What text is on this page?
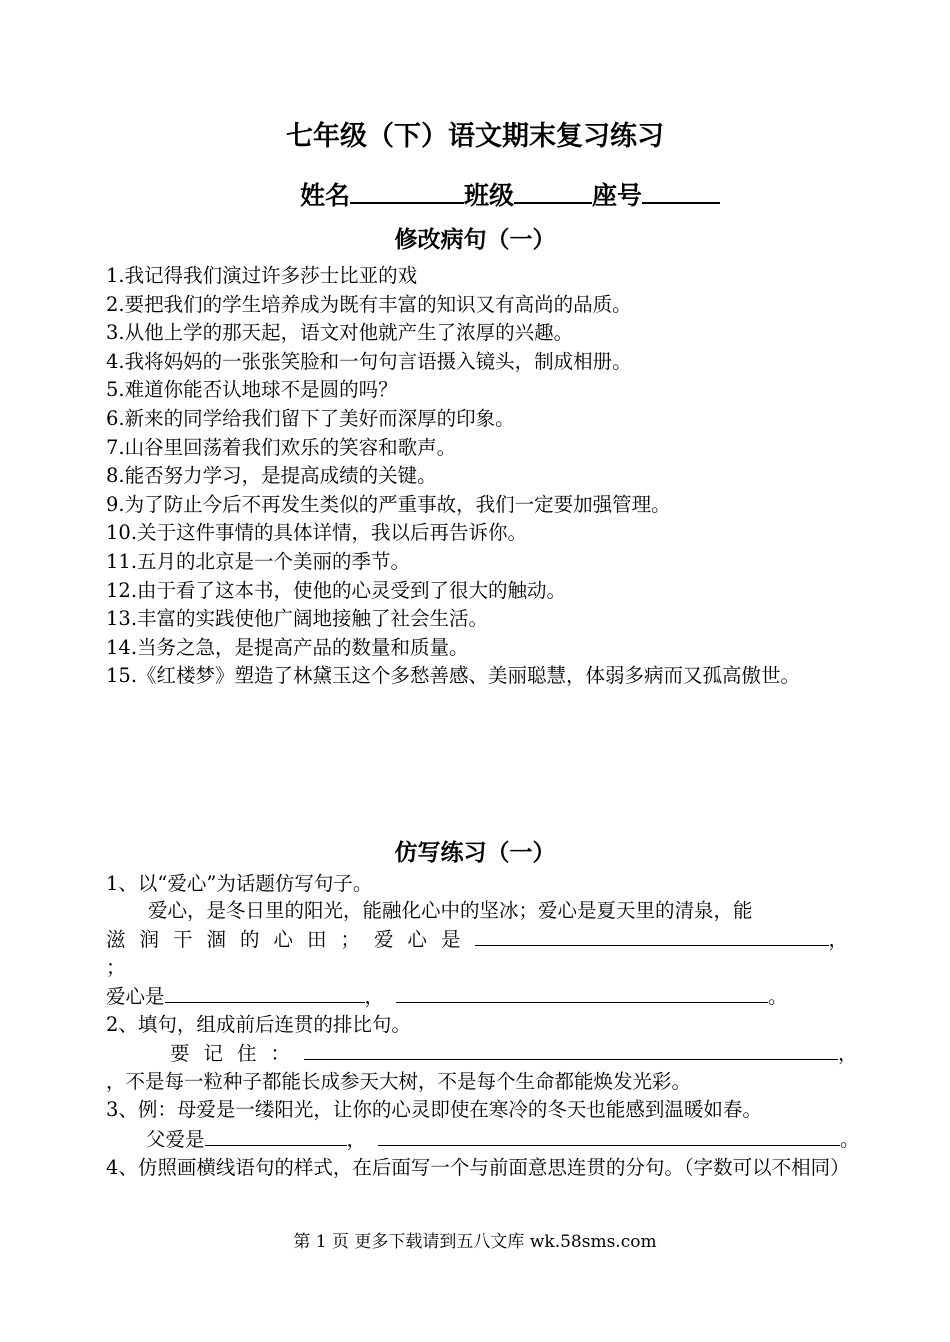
七年级（下）语文期末复习练习
姓名	班级	座号
修改病句（一）
1.我记得我们演过许多莎士比亚的戏
2.要把我们的学生培养成为既有丰富的知识又有高尚的品质。
3.从他上学的那天起，语文对他就产生了浓厚的兴趣。
4.我将妈妈的一张张笑脸和一句句言语摄入镜头，制成相册。
5.难道你能否认地球不是圆的吗？
6.新来的同学给我们留下了美好而深厚的印象。
7.山谷里回荡着我们欢乐的笑容和歌声。
8.能否努力学习，是提高成绩的关键。
9.为了防止今后不再发生类似的严重事故，我们一定要加强管理。
10.关于这件事情的具体详情，我以后再告诉你。
11.五月的北京是一个美丽的季节。
12.由于看了这本书，使他的心灵受到了很大的触动。
13.丰富的实践使他广阔地接触了社会生活。
14.当务之急，是提高产品的数量和质量。
15.《红楼梦》塑造了林黛玉这个多愁善感、美丽聪慧，体弱多病而又孤高傲世。
仿写练习（一）
1、以“爱心”为话题仿写句子。
爱心，是冬日里的阳光，能融化心中的坚冰；爱心是夏天里的清泉，能
滋润干涸的心田；爱心是	，
；
爱心是	，	。
2、填句，组成前后连贯的排比句。
要记住：	，
，不是每一粒种子都能长成参天大树，不是每个生命都能焕发光彩。
3、例：母爱是一缕阳光，让你的心灵即使在寒冷的冬天也能感到温暖如春。
父爱是	，	。
4、仿照画横线语句的样式，在后面写一个与前面意思连贯的分句。（字数可以不相同）
第 1 页 更多下载请到五八文库 wk.58sms.com
